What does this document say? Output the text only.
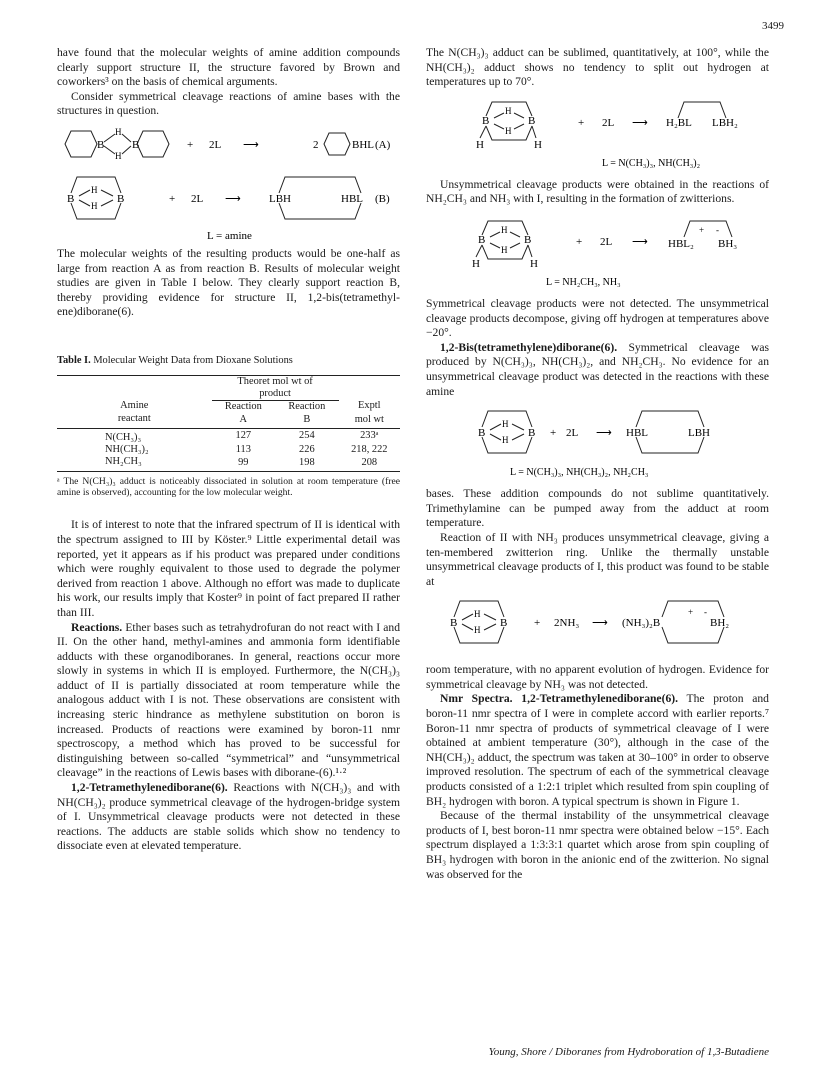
3499

have found that the molecular weights of amine addition compounds clearly support structure II, the structure favored by Brown and coworkers³ on the basis of chemical arguments.

Consider symmetrical cleavage reactions of amine bases with the structures in question.

B
H
H
B	+ 2L ⟶	2	BHL (A)
B
H
H
B	+ 2L ⟶	LBH	HBL (B)
L = amine

The molecular weights of the resulting products would be one-half as large from reaction A as from reaction B. Results of molecular weight studies are given in Table I below. They clearly support reaction B, thereby providing evidence for structure II, 1,2-bis(tetramethyl-ene)diborane(6).

Table I. Molecular Weight Data from Dioxane Solutions
	Theoret mol wt of		
	product		
Amine	Reaction	Reaction	Exptl
reactant	A	B	mol wt
N(CH₃)₃	127	254	233ᵃ
NH(CH₃)₂	113	226	218, 222
NH₂CH₃	99	198	208

ᵃ The N(CH₃)₃ adduct is noticeably dissociated in solution at room temperature (free amine is observed), accounting for the low molecular weight.

It is of interest to note that the infrared spectrum of II is identical with the spectrum assigned to III by Köster.⁹ Little experimental detail was reported, yet it appears as if his product was prepared under conditions which were roughly equivalent to those used to degrade the polymer derived from reaction 1 above. Although no effort was made to duplicate his work, our results imply that Koster⁹ in point of fact prepared II rather than III.

Reactions. Ether bases such as tetrahydrofuran do not react with I and II. On the other hand, methyl-amines and ammonia form identifiable adducts with these organodiboranes. In general, reactions occur more slowly in systems in which II is employed. Furthermore, the N(CH₃)₃ adduct of II is partially dissociated at room temperature while the analogous adduct with I is not. These observations are consistent with increasing steric hindrance as methylene substitution on boron is increased. Products of reactions were examined by boron-11 nmr spectroscopy, a method which has proved to be successful for distinguishing between so-called “symmetrical” and “unsymmetrical cleavage” in the reactions of Lewis bases with diborane-(6).¹·²

1,2-Tetramethylenediborane(6). Reactions with N(CH₃)₃ and with NH(CH₃)₂ produce symmetrical cleavage of the hydrogen-bridge system of I. Unsymmetrical cleavage products were not detected in these reactions. The adducts are stable solids which show no tendency to dissociate even at elevated temperature.

The N(CH₃)₃ adduct can be sublimed, quantitatively, at 100°, while the NH(CH₃)₂ adduct shows no tendency to split out hydrogen at temperatures up to 70°.

B
H
H
B
H	H
+ 2L ⟶ H₂BL LBH₂
L = N(CH₃)₃, NH(CH₃)₂

Unsymmetrical cleavage products were obtained in the reactions of NH₂CH₃ and NH₃ with I, resulting in the formation of zwitterions.

B
H
H
B
H	H
+ 2L ⟶ HBL₂ BH₃
+ -
L = NH₂CH₃, NH₃

Symmetrical cleavage products were not detected. The unsymmetrical cleavage products decompose, giving off hydrogen at temperatures above −20°.

1,2-Bis(tetramethylene)diborane(6). Symmetrical cleavage was produced by N(CH₃)₃, NH(CH₃)₂, and NH₂CH₃. No evidence for an unsymmetrical cleavage product was detected in the reactions with these amine

B
H
H
B + 2L ⟶ HBL	LBH
L = N(CH₃)₃, NH(CH₃)₂, NH₂CH₃

bases. These addition compounds do not sublime quantitatively. Trimethylamine can be pumped away from the adduct at room temperature.

Reaction of II with NH₃ produces unsymmetrical cleavage, giving a ten-membered zwitterion ring. Unlike the thermally unstable unsymmetrical cleavage products of I, this product was found to be stable at

B
H
H
B + 2NH₃ ⟶ (NH₃)₂B	BH₂
+ -

room temperature, with no apparent evolution of hydrogen. Evidence for symmetrical cleavage by NH₃ was not detected.

Nmr Spectra. 1,2-Tetramethylenediborane(6). The proton and boron-11 nmr spectra of I were in complete accord with earlier reports.⁷ Boron-11 nmr spectra of products of symmetrical cleavage of I were obtained at ambient temperature (30°), although in the case of the NH(CH₃)₂ adduct, the spectrum was taken at 30–100° in order to observe improved resolution. The spectrum of each of the symmetrical cleavage products consisted of a 1:2:1 triplet which resulted from spin coupling of BH₂ hydrogen with boron. A typical spectrum is shown in Figure 1.

Because of the thermal instability of the unsymmetrical cleavage products of I, best boron-11 nmr spectra were obtained below −15°. Each spectrum displayed a 1:3:3:1 quartet which arose from spin coupling of BH₃ hydrogen with boron in the anionic end of the zwitterion. No signal was observed for the

Young, Shore / Diboranes from Hydroboration of 1,3-Butadiene
